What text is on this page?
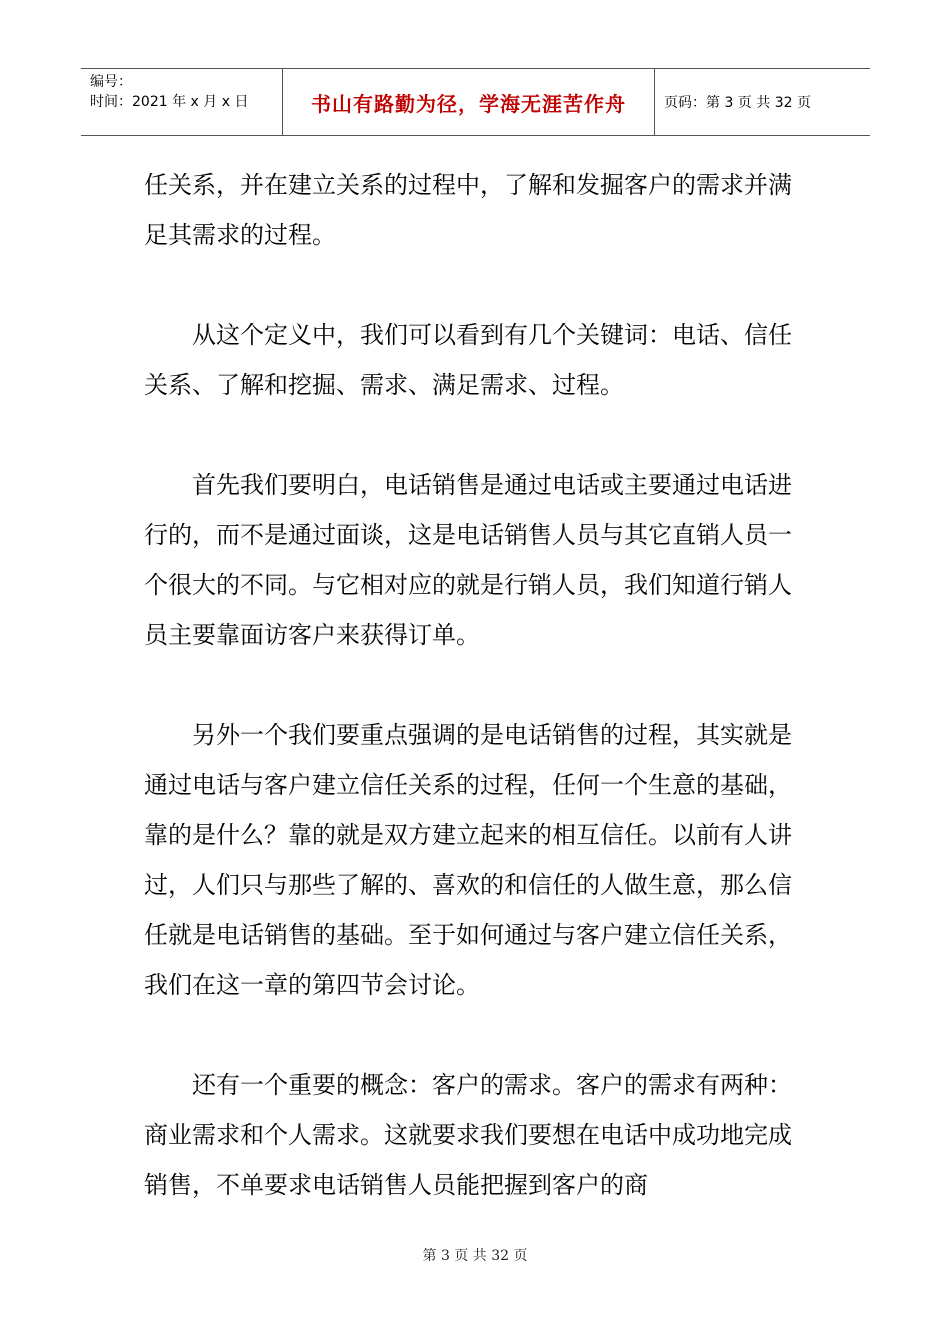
编号：
时间：2021 年 x 月 x 日	书山有路勤为径，学海无涯苦作舟	页码：第 3 页 共 32 页

任关系，并在建立关系的过程中，了解和发掘客户的需求并满足其需求的过程。

从这个定义中，我们可以看到有几个关键词：电话、信任关系、了解和挖掘、需求、满足需求、过程。

首先我们要明白，电话销售是通过电话或主要通过电话进行的，而不是通过面谈，这是电话销售人员与其它直销人员一个很大的不同。与它相对应的就是行销人员，我们知道行销人员主要靠面访客户来获得订单。

另外一个我们要重点强调的是电话销售的过程，其实就是通过电话与客户建立信任关系的过程，任何一个生意的基础，靠的是什么？靠的就是双方建立起来的相互信任。以前有人讲过，人们只与那些了解的、喜欢的和信任的人做生意，那么信任就是电话销售的基础。至于如何通过与客户建立信任关系，我们在这一章的第四节会讨论。

还有一个重要的概念：客户的需求。客户的需求有两种：商业需求和个人需求。这就要求我们要想在电话中成功地完成销售，不单要求电话销售人员能把握到客户的商

第 3 页 共 32 页
